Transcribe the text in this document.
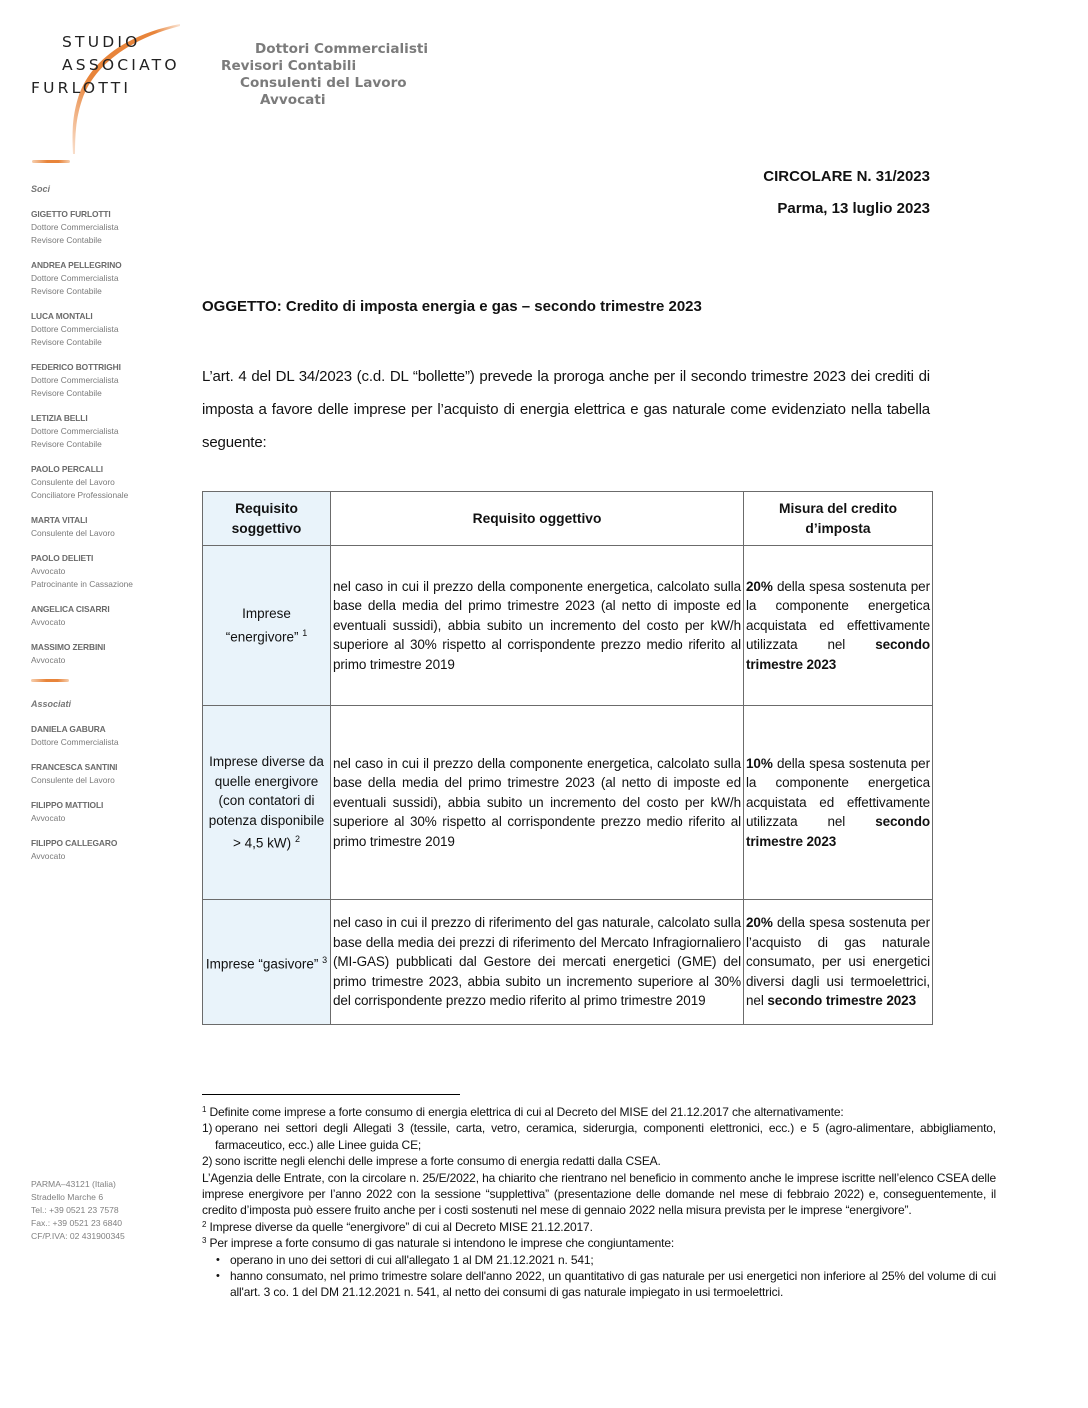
STUDIO
ASSOCIATO
FURLOTTI
Dottori Commercialisti
Revisori Contabili
Consulenti del Lavoro
Avvocati
Soci
GIGETTO FURLOTTI
Dottore Commercialista
Revisore Contabile
ANDREA PELLEGRINO
Dottore Commercialista
Revisore Contabile
LUCA MONTALI
Dottore Commercialista
Revisore Contabile
FEDERICO BOTTRIGHI
Dottore Commercialista
Revisore Contabile
LETIZIA BELLI
Dottore Commercialista
Revisore Contabile
PAOLO PERCALLI
Consulente del Lavoro
Conciliatore Professionale
MARTA VITALI
Consulente del Lavoro
PAOLO DELIETI
Avvocato
Patrocinante in Cassazione
ANGELICA CISARRI
Avvocato
MASSIMO ZERBINI
Avvocato
Associati
DANIELA GABURA
Dottore Commercialista
FRANCESCA SANTINI
Consulente del Lavoro
FILIPPO MATTIOLI
Avvocato
FILIPPO CALLEGARO
Avvocato
PARMA–43121 (Italia)
Stradello Marche 6
Tel.: +39 0521 23 7578
Fax.: +39 0521 23 6840
CF/P.IVA: 02 431900345
CIRCOLARE N. 31/2023
Parma, 13 luglio 2023
OGGETTO: Credito di imposta energia e gas – secondo trimestre 2023
L’art. 4 del DL 34/2023 (c.d. DL “bollette”) prevede la proroga anche per il secondo trimestre 2023 dei crediti di imposta a favore delle imprese per l’acquisto di energia elettrica e gas naturale come evidenziato nella tabella seguente:
Requisito soggettivo	Requisito oggettivo	Misura del credito d’imposta
Imprese “energivore” $^1$	nel caso in cui il prezzo della componente energetica, calcolato sulla base della media del primo trimestre 2023 (al netto di imposte ed eventuali sussidi), abbia subito un incremento del costo per kW/h superiore al 30% rispetto al corrispondente prezzo medio riferito al primo trimestre 2019	20% della spesa sostenuta per la componente energetica acquistata ed effettivamente utilizzata nel secondo trimestre 2023
Imprese diverse da quelle energivore (con contatori di potenza disponibile > 4,5 kW) $^2$	nel caso in cui il prezzo della componente energetica, calcolato sulla base della media del primo trimestre 2023 (al netto di imposte ed eventuali sussidi), abbia subito un incremento del costo per kW/h superiore al 30% rispetto al corrispondente prezzo medio riferito al primo trimestre 2019	10% della spesa sostenuta per la componente energetica acquistata ed effettivamente utilizzata nel secondo trimestre 2023
Imprese “gasivore” $^3$	nel caso in cui il prezzo di riferimento del gas naturale, calcolato sulla base della media dei prezzi di riferimento del Mercato Infragiornaliero (MI-GAS) pubblicati dal Gestore dei mercati energetici (GME) del primo trimestre 2023, abbia subito un incremento superiore al 30% del corrispondente prezzo medio riferito al primo trimestre 2019	20% della spesa sostenuta per l’acquisto di gas naturale consumato, per usi energetici diversi dagli usi termoelettrici, nel secondo trimestre 2023

$^1$ Definite come imprese a forte consumo di energia elettrica di cui al Decreto del MISE del 21.12.2017 che alternativamente:

1) operano nei settori degli Allegati 3 (tessile, carta, vetro, ceramica, siderurgia, componenti elettronici, ecc.) e 5 (agro-alimentare, abbigliamento, farmaceutico, ecc.) alle Linee guida CE;
2) sono iscritte negli elenchi delle imprese a forte consumo di energia redatti dalla CSEA.

L’Agenzia delle Entrate, con la circolare n. 25/E/2022, ha chiarito che rientrano nel beneficio in commento anche le imprese iscritte nell’elenco CSEA delle imprese energivore per l’anno 2022 con la sessione “supplettiva” (presentazione delle domande nel mese di febbraio 2022) e, conseguentemente, il credito d’imposta può essere fruito anche per i costi sostenuti nel mese di gennaio 2022 nella misura prevista per le imprese “energivore”.

$^2$ Imprese diverse da quelle “energivore” di cui al Decreto MISE 21.12.2017.

$^3$ Per imprese a forte consumo di gas naturale si intendono le imprese che congiuntamente:

• operano in uno dei settori di cui all'allegato 1 al DM 21.12.2021 n. 541;
• hanno consumato, nel primo trimestre solare dell'anno 2022, un quantitativo di gas naturale per usi energetici non inferiore al 25% del volume di cui all'art. 3 co. 1 del DM 21.12.2021 n. 541, al netto dei consumi di gas naturale impiegato in usi termoelettrici.
